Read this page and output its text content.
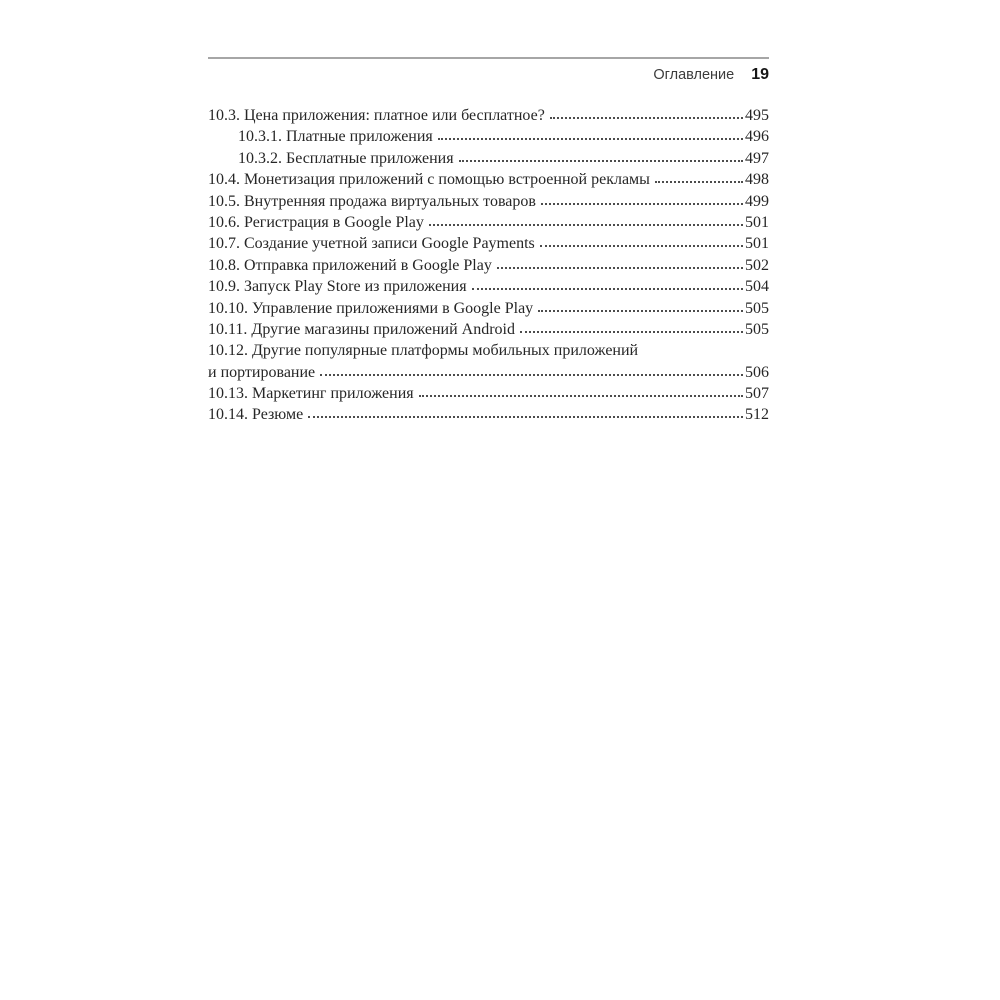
Оглавление 19
10.3. Цена приложения: платное или бесплатное?	495
10.3.1. Платные приложения	496
10.3.2. Бесплатные приложения	497
10.4. Монетизация приложений с помощью встроенной рекламы	498
10.5. Внутренняя продажа виртуальных товаров	499
10.6. Регистрация в Google Play	501
10.7. Создание учетной записи Google Payments	501
10.8. Отправка приложений в Google Play	502
10.9. Запуск Play Store из приложения	504
10.10. Управление приложениями в Google Play	505
10.11. Другие магазины приложений Android	505
10.12. Другие популярные платформы мобильных приложений
и портирование	506
10.13. Маркетинг приложения	507
10.14. Резюме	512
